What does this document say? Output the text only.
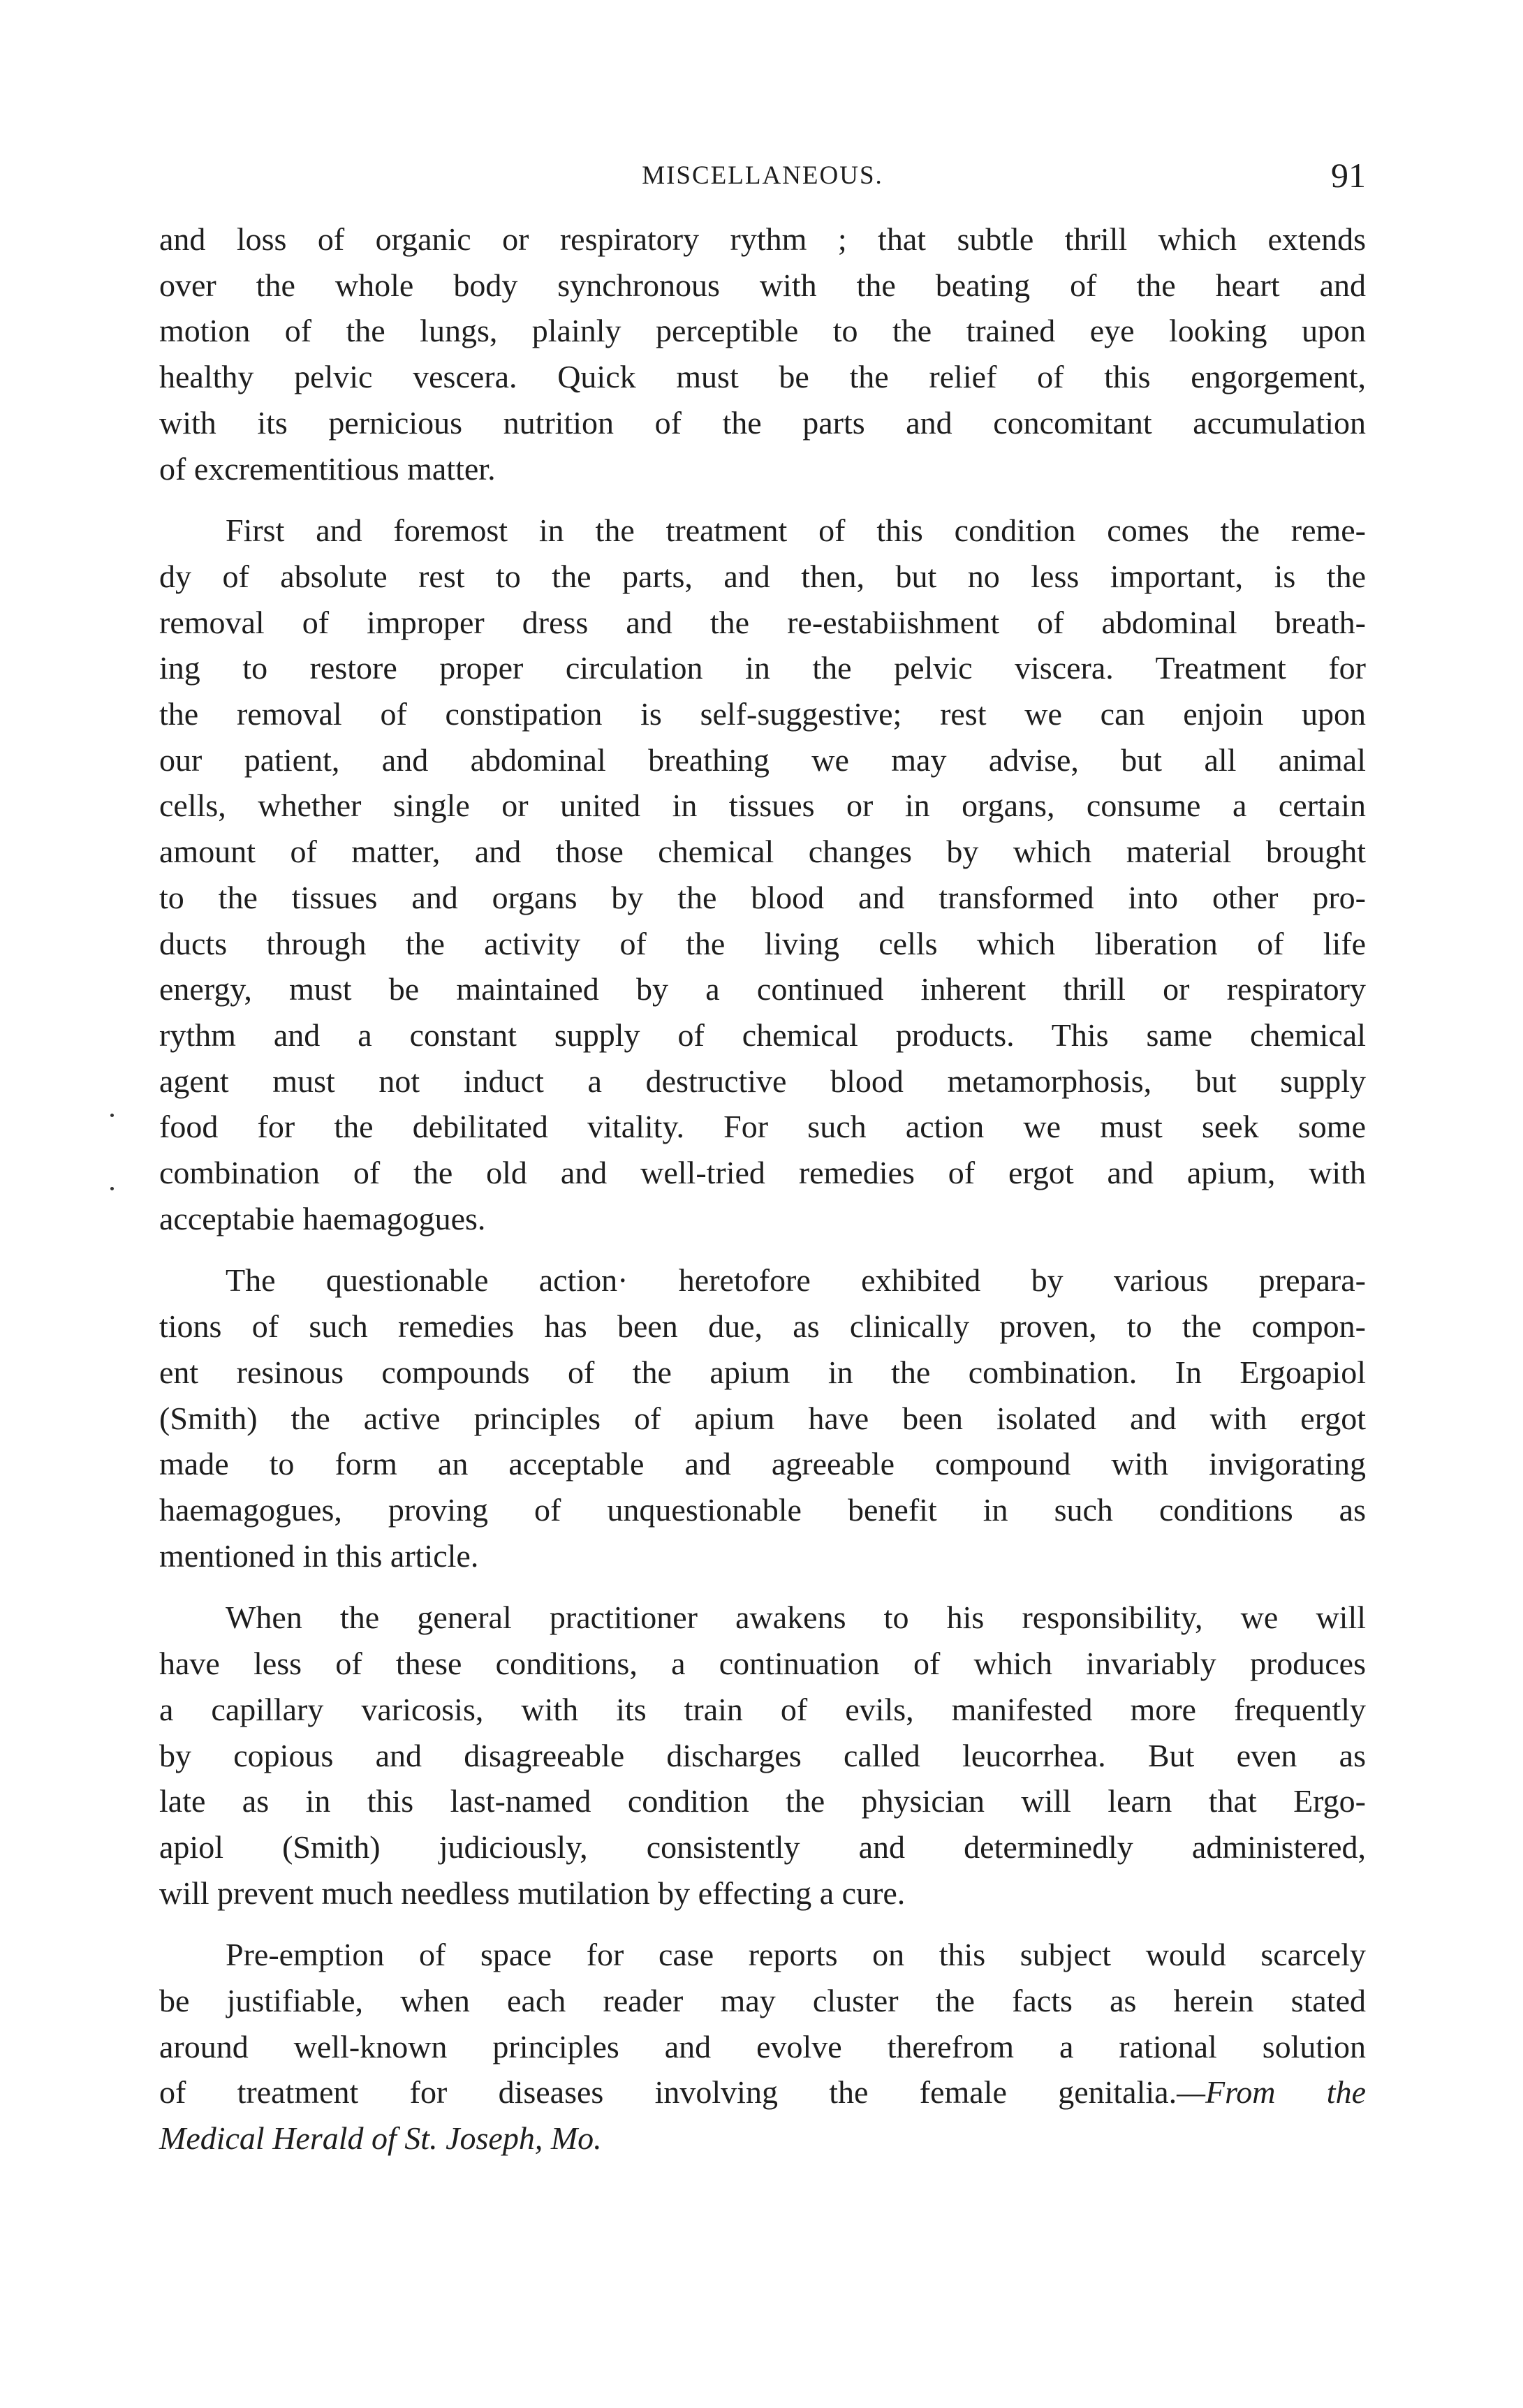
MISCELLANEOUS.	91

and loss of organic or respiratory rythm ; that subtle thrill which extends
over the whole body synchronous with the beating of the heart and
motion of the lungs, plainly perceptible to the trained eye looking upon
healthy pelvic vescera. Quick must be the relief of this engorgement,
with its pernicious nutrition of the parts and concomitant accumulation

of excrementitious matter.

First and foremost in the treatment of this condition comes the reme-
dy of absolute rest to the parts, and then, but no less important, is the
removal of improper dress and the re-estabiishment of abdominal breath-
ing to restore proper circulation in the pelvic viscera. Treatment for
the removal of constipation is self-suggestive; rest we can enjoin upon
our patient, and abdominal breathing we may advise, but all animal
cells, whether single or united in tissues or in organs, consume a certain
amount of matter, and those chemical changes by which material brought
to the tissues and organs by the blood and transformed into other pro-
ducts through the activity of the living cells which liberation of life
energy, must be maintained by a continued inherent thrill or respiratory
rythm and a constant supply of chemical products. This same chemical
agent must not induct a destructive blood metamorphosis, but supply
food for the debilitated vitality. For such action we must seek some
combination of the old and well-tried remedies of ergot and apium, with

acceptabie haemagogues.

The questionable action· heretofore exhibited by various prepara-
tions of such remedies has been due, as clinically proven, to the compon-
ent resinous compounds of the apium in the combination. In Ergoapiol
(Smith) the active principles of apium have been isolated and with ergot
made to form an acceptable and agreeable compound with invigorating
haemagogues, proving of unquestionable benefit in such conditions as

mentioned in this article.

When the general practitioner awakens to his responsibility, we will
have less of these conditions, a continuation of which invariably produces
a capillary varicosis, with its train of evils, manifested more frequently
by copious and disagreeable discharges called leucorrhea. But even as
late as in this last-named condition the physician will learn that Ergo-
apiol (Smith) judiciously, consistently and determinedly administered,

will prevent much needless mutilation by effecting a cure.

Pre-emption of space for case reports on this subject would scarcely
be justifiable, when each reader may cluster the facts as herein stated
around well-known principles and evolve therefrom a rational solution
of treatment for diseases involving the female genitalia.—From the

Medical Herald of St. Joseph, Mo.
